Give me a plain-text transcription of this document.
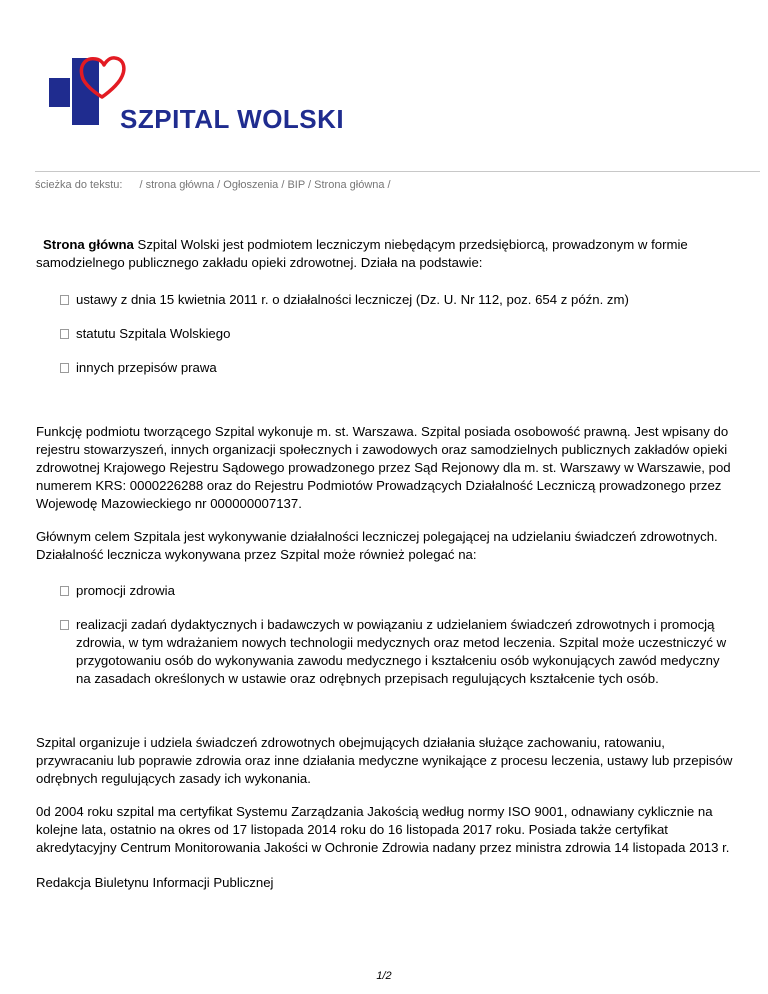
SZPITAL WOLSKI
ścieżka do tekstu: / strona główna / Ogłoszenia / BIP / Strona główna /

Strona główna Szpital Wolski jest podmiotem leczniczym niebędącym przedsiębiorcą, prowadzonym w formie samodzielnego publicznego zakładu opieki zdrowotnej. Działa na podstawie:

ustawy z dnia 15 kwietnia 2011 r. o działalności leczniczej (Dz. U. Nr 112, poz. 654 z późn. zm)
statutu Szpitala Wolskiego
innych przepisów prawa

Funkcję podmiotu tworzącego Szpital wykonuje m. st. Warszawa. Szpital posiada osobowość prawną. Jest wpisany do rejestru stowarzyszeń, innych organizacji społecznych i zawodowych oraz samodzielnych publicznych zakładów opieki zdrowotnej Krajowego Rejestru Sądowego prowadzonego przez Sąd Rejonowy dla m. st. Warszawy w Warszawie, pod numerem KRS: 0000226288 oraz do Rejestru Podmiotów Prowadzących Działalność Leczniczą prowadzonego przez Wojewodę Mazowieckiego nr 000000007137.

Głównym celem Szpitala jest wykonywanie działalności leczniczej polegającej na udzielaniu świadczeń zdrowotnych. Działalność lecznicza wykonywana przez Szpital może również polegać na:

promocji zdrowia
realizacji zadań dydaktycznych i badawczych w powiązaniu z udzielaniem świadczeń zdrowotnych i promocją zdrowia, w tym wdrażaniem nowych technologii medycznych oraz metod leczenia. Szpital może uczestniczyć w przygotowaniu osób do wykonywania zawodu medycznego i kształceniu osób wykonujących zawód medyczny na zasadach określonych w ustawie oraz odrębnych przepisach regulujących kształcenie tych osób.

Szpital organizuje i udziela świadczeń zdrowotnych obejmujących działania służące zachowaniu, ratowaniu, przywracaniu lub poprawie zdrowia oraz inne działania medyczne wynikające z procesu leczenia, ustawy lub przepisów odrębnych regulujących zasady ich wykonania.

0d 2004 roku szpital ma certyfikat Systemu Zarządzania Jakością według normy ISO 9001, odnawiany cyklicznie na kolejne lata, ostatnio na okres od 17 listopada 2014 roku do 16 listopada 2017 roku. Posiada także certyfikat akredytacyjny Centrum Monitorowania Jakości w Ochronie Zdrowia nadany przez ministra zdrowia 14 listopada 2013 r.

Redakcja Biuletynu Informacji Publicznej

1/2
